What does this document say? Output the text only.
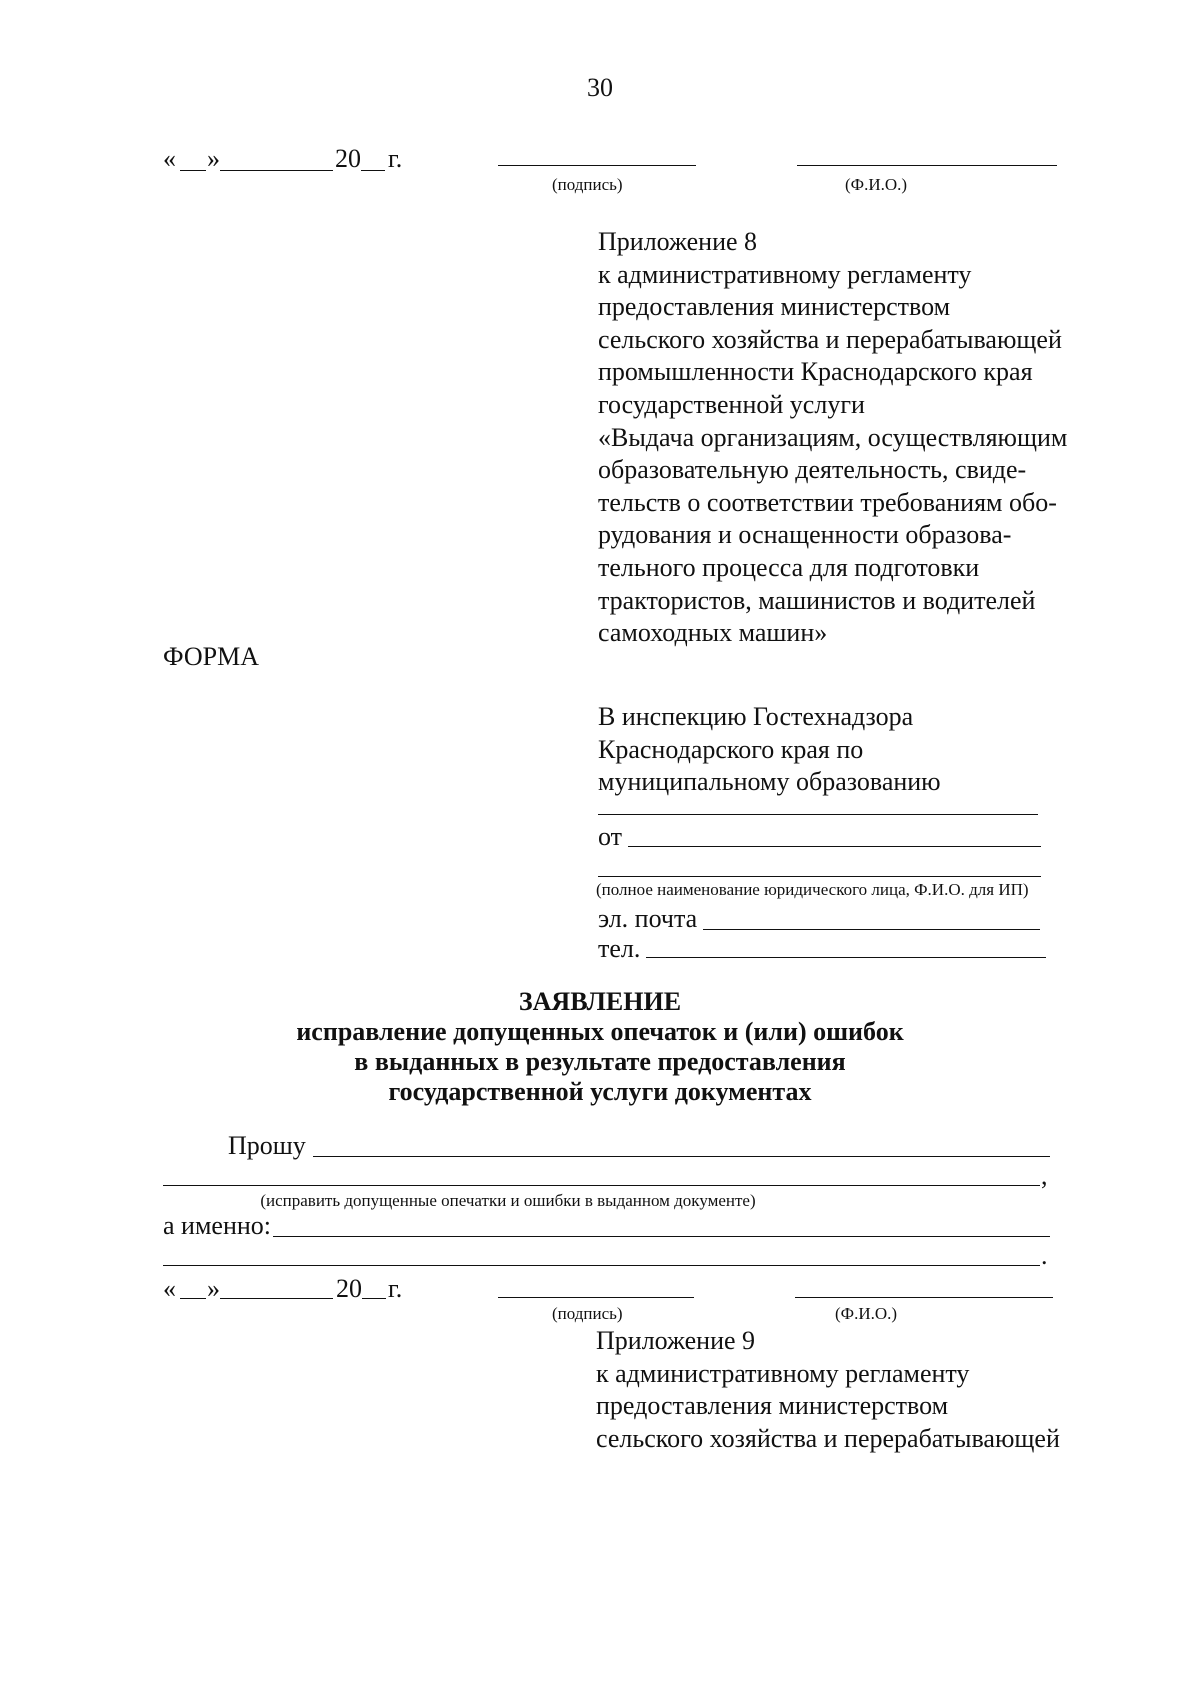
30
« »	20 г.
(подпись)	(Ф.И.О.)
Приложение 8
к административному регламенту
предоставления министерством
сельского хозяйства и перерабатывающей
промышленности Краснодарского края
государственной услуги
«Выдача организациям, осуществляющим
образовательную деятельность, свиде-
тельств о соответствии требованиям обо-
рудования и оснащенности образова-
тельного процесса для подготовки
трактористов, машинистов и водителей
самоходных машин»
ФОРМА
В инспекцию Гостехнадзора
Краснодарского края по
муниципальному образованию
от
(полное наименование юридического лица, Ф.И.О. для ИП)
эл. почта
тел.
ЗАЯВЛЕНИЕ
исправление допущенных опечаток и (или) ошибок
в выданных в результате предоставления
государственной услуги документах
Прошу
,
(исправить допущенные опечатки и ошибки в выданном документе)
а именно:
.
« »	20 г.
(подпись)	(Ф.И.О.)
Приложение 9
к административному регламенту
предоставления министерством
сельского хозяйства и перерабатывающей
